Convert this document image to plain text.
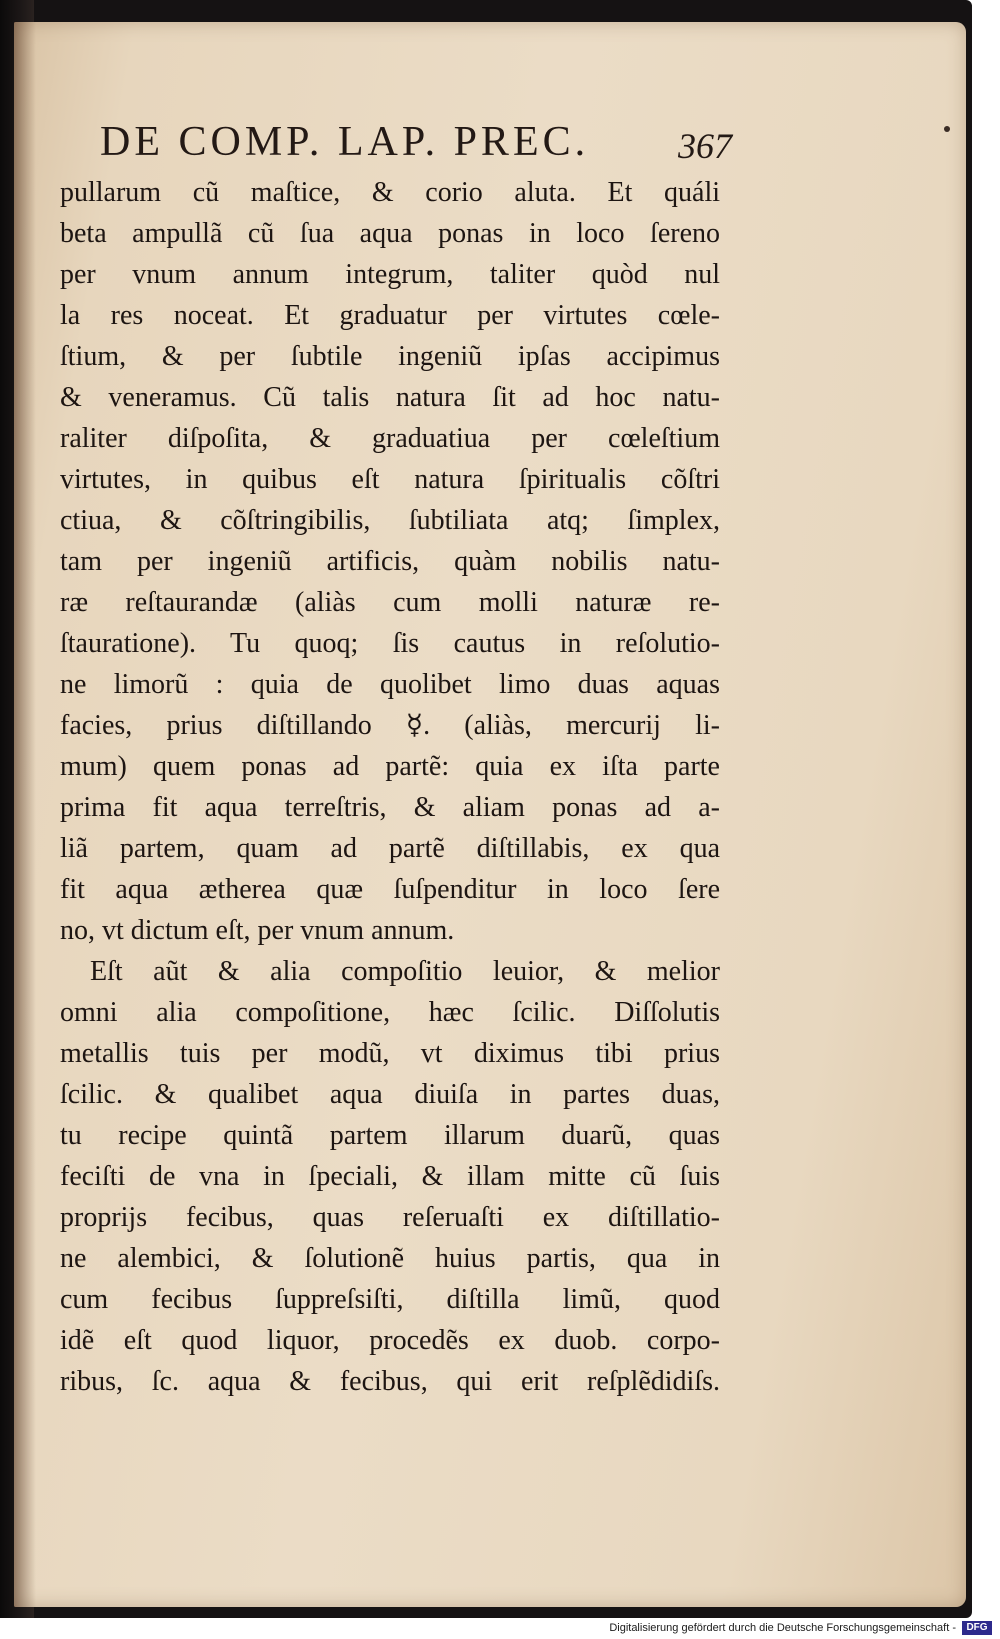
DE COMP. LAP. PREC. 367
pullarum cũ maſtice, & corio aluta. Et quáli
beta ampullã cũ ſua aqua ponas in loco ſereno
per vnum annum integrum, taliter quòd nul
la res noceat. Et graduatur per virtutes cœle-
ſtium, & per ſubtile ingeniũ ipſas accipimus
& veneramus. Cũ talis natura ſit ad hoc natu-
raliter diſpoſita, & graduatiua per cœleſtium
virtutes, in quibus eſt natura ſpiritualis cõſtri
ctiua, & cõſtringibilis, ſubtiliata atq; ſimplex,
tam per ingeniũ artificis, quàm nobilis natu-
ræ reſtaurandæ (aliàs cum molli naturæ re-
ſtauratione). Tu quoq; ſis cautus in reſolutio-
ne limorũ : quia de quolibet limo duas aquas
facies, prius diſtillando ☿. (aliàs, mercurij li-
mum) quem ponas ad partẽ: quia ex iſta parte
prima fit aqua terreſtris, & aliam ponas ad a-
liã partem, quam ad partẽ diſtillabis, ex qua
fit aqua ætherea quæ ſuſpenditur in loco ſere
no, vt dictum eſt, per vnum annum.
Eſt aũt & alia compoſitio leuior, & melior
omni alia compoſitione, hæc ſcilic. Diſſolutis
metallis tuis per modũ, vt diximus tibi prius
ſcilic. & qualibet aqua diuiſa in partes duas,
tu recipe quintã partem illarum duarũ, quas
feciſti de vna in ſpeciali, & illam mitte cũ ſuis
proprijs fecibus, quas reſeruaſti ex diſtillatio-
ne alembici, & ſolutionẽ huius partis, qua in
cum fecibus ſuppreſsiſti, diſtilla limũ, quod
idẽ eſt quod liquor, procedẽs ex duob. corpo-
ribus, ſc. aqua & fecibus, qui erit reſplẽdidiſs.
Digitalisierung gefördert durch die Deutsche Forschungsgemeinschaft -	DFG
